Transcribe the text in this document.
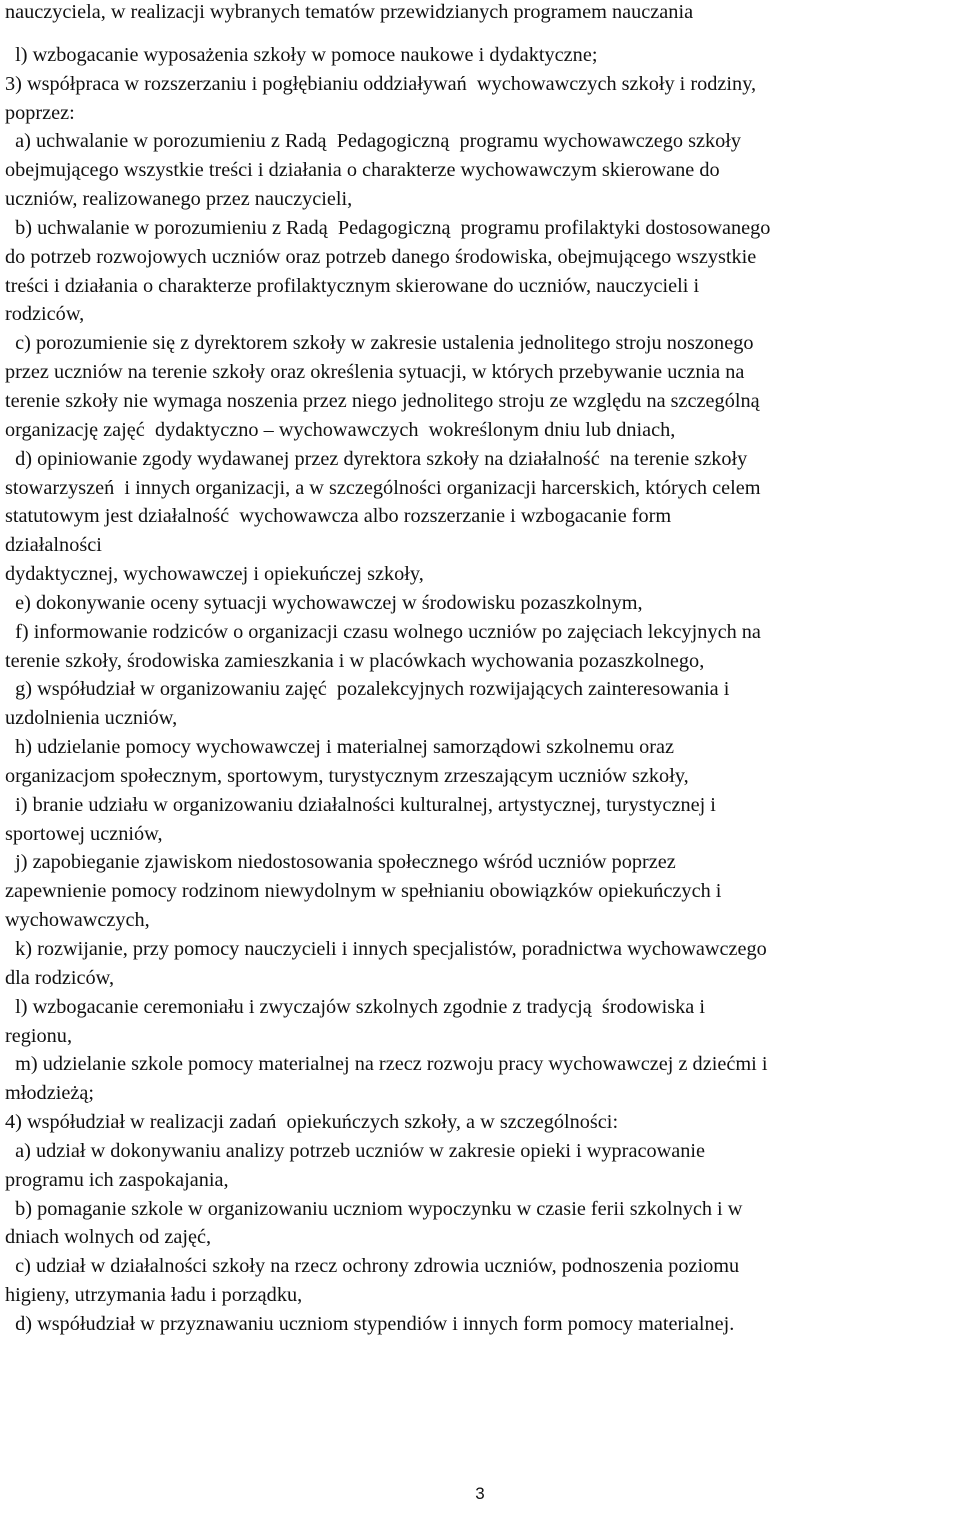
nauczyciela, w realizacji wybranych tematów przewidzianych programem nauczania
l) wzbogacanie wyposażenia szkoły w pomoce naukowe i dydaktyczne;
3) współpraca w rozszerzaniu i pogłębianiu oddziaływań  wychowawczych szkoły i rodziny,
poprzez:
a) uchwalanie w porozumieniu z Radą  Pedagogiczną  programu wychowawczego szkoły
obejmującego wszystkie treści i działania o charakterze wychowawczym skierowane do
uczniów, realizowanego przez nauczycieli,
b) uchwalanie w porozumieniu z Radą  Pedagogiczną  programu profilaktyki dostosowanego
do potrzeb rozwojowych uczniów oraz potrzeb danego środowiska, obejmującego wszystkie
treści i działania o charakterze profilaktycznym skierowane do uczniów, nauczycieli i
rodziców,
c) porozumienie się z dyrektorem szkoły w zakresie ustalenia jednolitego stroju noszonego
przez uczniów na terenie szkoły oraz określenia sytuacji, w których przebywanie ucznia na
terenie szkoły nie wymaga noszenia przez niego jednolitego stroju ze względu na szczególną
organizację zajęć  dydaktyczno – wychowawczych  wokreślonym dniu lub dniach,
d) opiniowanie zgody wydawanej przez dyrektora szkoły na działalność  na terenie szkoły
stowarzyszeń  i innych organizacji, a w szczególności organizacji harcerskich, których celem
statutowym jest działalność  wychowawcza albo rozszerzanie i wzbogacanie form
działalności
dydaktycznej, wychowawczej i opiekuńczej szkoły,
e) dokonywanie oceny sytuacji wychowawczej w środowisku pozaszkolnym,
f) informowanie rodziców o organizacji czasu wolnego uczniów po zajęciach lekcyjnych na
terenie szkoły, środowiska zamieszkania i w placówkach wychowania pozaszkolnego,
g) współudział w organizowaniu zajęć  pozalekcyjnych rozwijających zainteresowania i
uzdolnienia uczniów,
h) udzielanie pomocy wychowawczej i materialnej samorządowi szkolnemu oraz
organizacjom społecznym, sportowym, turystycznym zrzeszającym uczniów szkoły,
i) branie udziału w organizowaniu działalności kulturalnej, artystycznej, turystycznej i
sportowej uczniów,
j) zapobieganie zjawiskom niedostosowania społecznego wśród uczniów poprzez
zapewnienie pomocy rodzinom niewydolnym w spełnianiu obowiązków opiekuńczych i
wychowawczych,
k) rozwijanie, przy pomocy nauczycieli i innych specjalistów, poradnictwa wychowawczego
dla rodziców,
l) wzbogacanie ceremoniału i zwyczajów szkolnych zgodnie z tradycją  środowiska i
regionu,
m) udzielanie szkole pomocy materialnej na rzecz rozwoju pracy wychowawczej z dziećmi i
młodzieżą;
4) współudział w realizacji zadań  opiekuńczych szkoły, a w szczególności:
a) udział w dokonywaniu analizy potrzeb uczniów w zakresie opieki i wypracowanie
programu ich zaspokajania,
b) pomaganie szkole w organizowaniu uczniom wypoczynku w czasie ferii szkolnych i w
dniach wolnych od zajęć,
c) udział w działalności szkoły na rzecz ochrony zdrowia uczniów, podnoszenia poziomu
higieny, utrzymania ładu i porządku,
d) współudział w przyznawaniu uczniom stypendiów i innych form pomocy materialnej.
3
